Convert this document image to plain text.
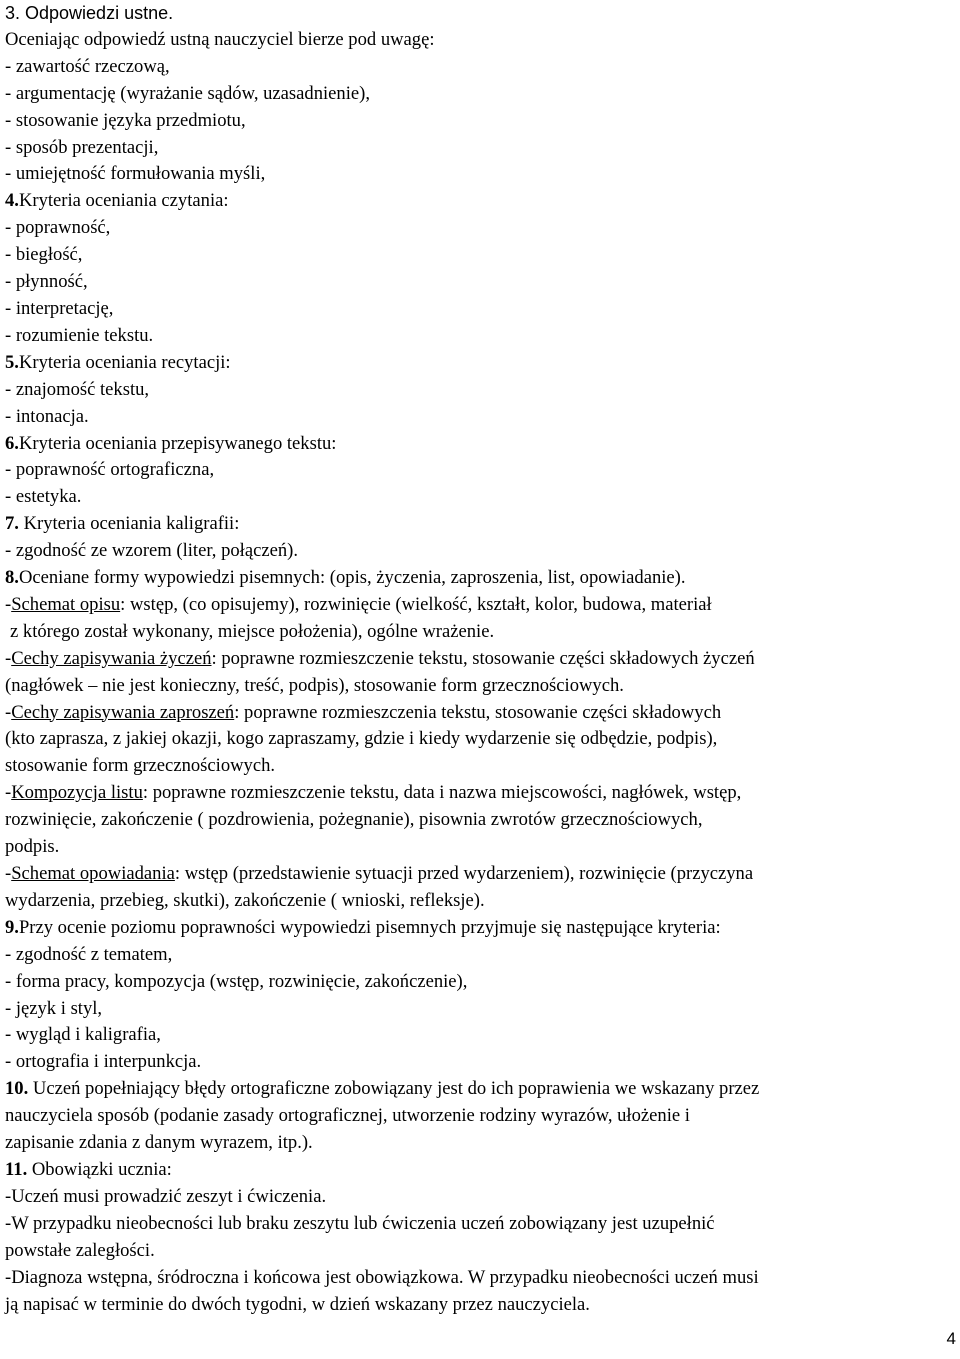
3. Odpowiedzi ustne.
Oceniając odpowiedź ustną nauczyciel bierze pod uwagę:
- zawartość rzeczową,
- argumentację (wyrażanie sądów, uzasadnienie),
- stosowanie języka przedmiotu,
- sposób prezentacji,
- umiejętność formułowania myśli,
4.Kryteria oceniania czytania:
- poprawność,
- biegłość,
- płynność,
- interpretację,
- rozumienie tekstu.
5.Kryteria oceniania recytacji:
- znajomość tekstu,
- intonacja.
6.Kryteria oceniania przepisywanego tekstu:
- poprawność ortograficzna,
- estetyka.
7. Kryteria oceniania kaligrafii:
- zgodność ze wzorem (liter, połączeń).
8.Oceniane formy wypowiedzi pisemnych: (opis, życzenia, zaproszenia, list, opowiadanie).
-Schemat opisu: wstęp, (co opisujemy), rozwinięcie (wielkość, kształt, kolor, budowa, materiał
z którego został wykonany, miejsce położenia), ogólne wrażenie.
-Cechy zapisywania życzeń: poprawne rozmieszczenie tekstu, stosowanie części składowych życzeń
(nagłówek – nie jest konieczny, treść, podpis), stosowanie form grzecznościowych.
-Cechy zapisywania zaproszeń: poprawne rozmieszczenia tekstu, stosowanie części składowych
(kto zaprasza, z jakiej okazji, kogo zapraszamy, gdzie i kiedy wydarzenie się odbędzie, podpis),
stosowanie form grzecznościowych.
-Kompozycja listu: poprawne rozmieszczenie tekstu, data i nazwa miejscowości, nagłówek, wstęp,
rozwinięcie, zakończenie ( pozdrowienia, pożegnanie), pisownia zwrotów grzecznościowych,
podpis.
-Schemat opowiadania: wstęp (przedstawienie sytuacji przed wydarzeniem), rozwinięcie (przyczyna
wydarzenia, przebieg, skutki), zakończenie ( wnioski, refleksje).
9.Przy ocenie poziomu poprawności wypowiedzi pisemnych przyjmuje się następujące kryteria:
- zgodność z tematem,
- forma pracy, kompozycja (wstęp, rozwinięcie, zakończenie),
- język i styl,
- wygląd i kaligrafia,
- ortografia i interpunkcja.
10. Uczeń popełniający błędy ortograficzne zobowiązany jest do ich poprawienia we wskazany przez
nauczyciela sposób (podanie zasady ortograficznej, utworzenie rodziny wyrazów, ułożenie i
zapisanie zdania z danym wyrazem, itp.).
11. Obowiązki ucznia:
-Uczeń musi prowadzić zeszyt i ćwiczenia.
-W przypadku nieobecności lub braku zeszytu lub ćwiczenia uczeń zobowiązany jest uzupełnić
powstałe zaległości.
-Diagnoza wstępna, śródroczna i końcowa jest obowiązkowa. W przypadku nieobecności uczeń musi
ją napisać w terminie do dwóch tygodni, w dzień wskazany przez nauczyciela.
4
